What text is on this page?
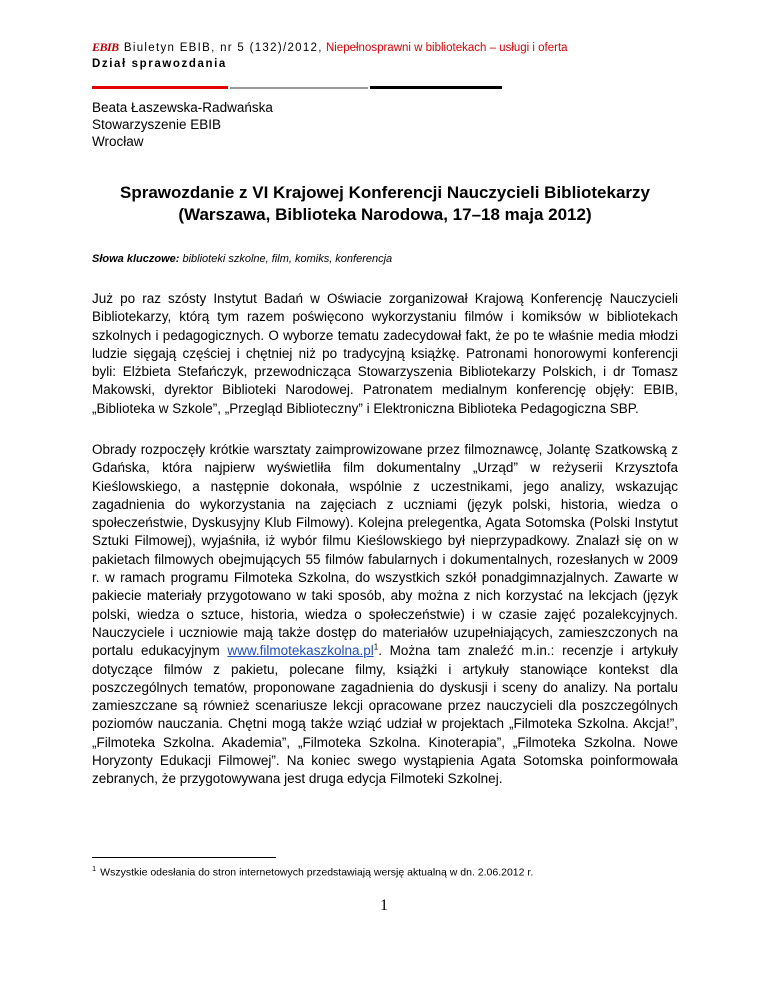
EBIB Biuletyn EBIB, nr 5 (132)/2012, Niepełnosprawni w bibliotekach – usługi i oferta
Dział sprawozdania
Beata Łaszewska-Radwańska
Stowarzyszenie EBIB
Wrocław
Sprawozdanie z VI Krajowej Konferencji Nauczycieli Bibliotekarzy
(Warszawa, Biblioteka Narodowa, 17–18 maja 2012)
Słowa kluczowe: biblioteki szkolne, film, komiks, konferencja

Już po raz szósty Instytut Badań w Oświacie zorganizował Krajową Konferencję Nauczycieli Bibliotekarzy, którą tym razem poświęcono wykorzystaniu filmów i komiksów w bibliotekach szkolnych i pedagogicznych. O wyborze tematu zadecydował fakt, że po te właśnie media młodzi ludzie sięgają częściej i chętniej niż po tradycyjną książkę. Patronami honorowymi konferencji byli: Elżbieta Stefańczyk, przewodnicząca Stowarzyszenia Bibliotekarzy Polskich, i dr Tomasz Makowski, dyrektor Biblioteki Narodowej. Patronatem medialnym konferencję objęły: EBIB, „Biblioteka w Szkole”, „Przegląd Biblioteczny” i Elektroniczna Biblioteka Pedagogiczna SBP.

Obrady rozpoczęły krótkie warsztaty zaimprowizowane przez filmoznawcę, Jolantę Szatkowską z Gdańska, która najpierw wyświetliła film dokumentalny „Urząd” w reżyserii Krzysztofa Kieślowskiego, a następnie dokonała, wspólnie z uczestnikami, jego analizy, wskazując zagadnienia do wykorzystania na zajęciach z uczniami (język polski, historia, wiedza o społeczeństwie, Dyskusyjny Klub Filmowy). Kolejna prelegentka, Agata Sotomska (Polski Instytut Sztuki Filmowej), wyjaśniła, iż wybór filmu Kieślowskiego był nieprzypadkowy. Znalazł się on w pakietach filmowych obejmujących 55 filmów fabularnych i dokumentalnych, rozesłanych w 2009 r. w ramach programu Filmoteka Szkolna, do wszystkich szkół ponadgimnazjalnych. Zawarte w pakiecie materiały przygotowano w taki sposób, aby można z nich korzystać na lekcjach (język polski, wiedza o sztuce, historia, wiedza o społeczeństwie) i w czasie zajęć pozalekcyjnych. Nauczyciele i uczniowie mają także dostęp do materiałów uzupełniających, zamieszczonych na portalu edukacyjnym $www.filmotekaszkolna.pl^1$. Można tam znaleźć m.in.: recenzje i artykuły dotyczące filmów z pakietu, polecane filmy, książki i artykuły stanowiące kontekst dla poszczególnych tematów, proponowane zagadnienia do dyskusji i sceny do analizy. Na portalu zamieszczane są również scenariusze lekcji opracowane przez nauczycieli dla poszczególnych poziomów nauczania. Chętni mogą także wziąć udział w projektach „Filmoteka Szkolna. Akcja!”, „Filmoteka Szkolna. Akademia”, „Filmoteka Szkolna. Kinoterapia”, „Filmoteka Szkolna. Nowe Horyzonty Edukacji Filmowej”. Na koniec swego wystąpienia Agata Sotomska poinformowała zebranych, że przygotowywana jest druga edycja Filmoteki Szkolnej.

$^1$ Wszystkie odesłania do stron internetowych przedstawiają wersję aktualną w dn. 2.06.2012 r.
1
